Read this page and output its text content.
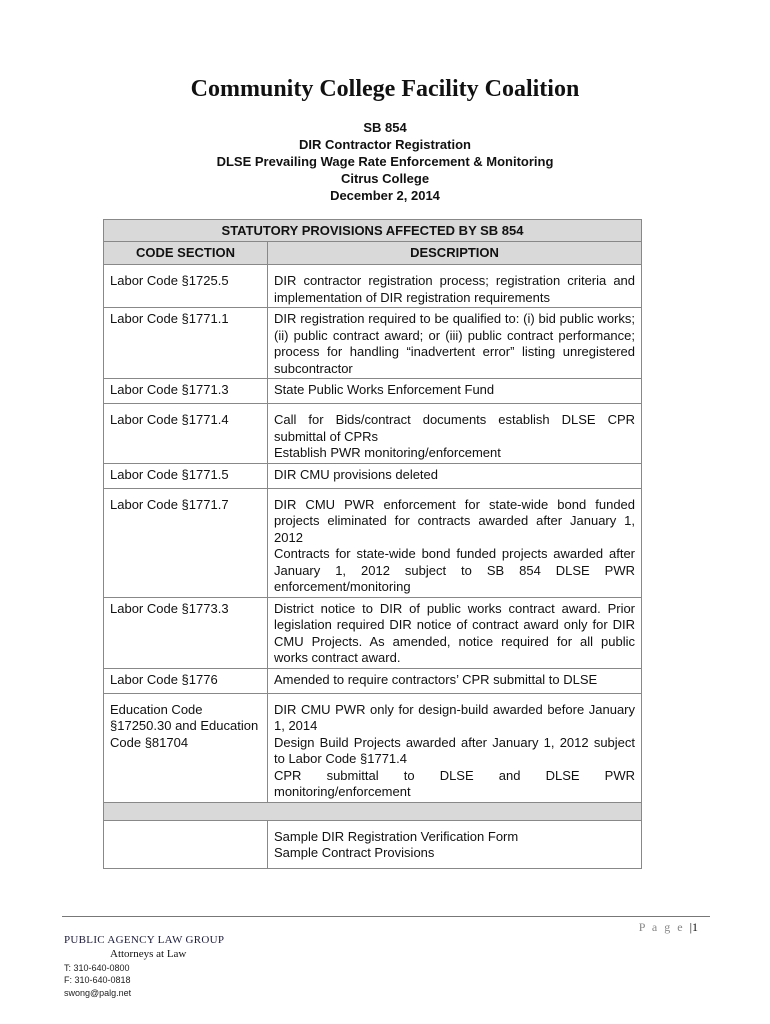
Community College Facility Coalition
SB 854
DIR Contractor Registration
DLSE Prevailing Wage Rate Enforcement & Monitoring
Citrus College
December 2, 2014
STATUTORY PROVISIONS AFFECTED BY SB 854	
CODE SECTION	DESCRIPTION
Labor Code §1725.5	DIR contractor registration process; registration criteria and implementation of DIR registration requirements
Labor Code §1771.1	DIR registration required to be qualified to: (i) bid public works; (ii) public contract award; or (iii) public contract performance; process for handling “inadvertent error” listing unregistered subcontractor
Labor Code §1771.3	State Public Works Enforcement Fund
Labor Code §1771.4	Call for Bids/contract documents establish DLSE CPR submittal of CPRs
Establish PWR monitoring/enforcement

Labor Code §1771.5	DIR CMU provisions deleted
Labor Code §1771.7	DIR CMU PWR enforcement for state-wide bond funded projects eliminated for contracts awarded after January 1, 2012
Contracts for state-wide bond funded projects awarded after January 1, 2012 subject to SB 854 DLSE PWR enforcement/monitoring

Labor Code §1773.3	District notice to DIR of public works contract award. Prior legislation required DIR notice of contract award only for DIR CMU Projects. As amended, notice required for all public works contract award.
Labor Code §1776	Amended to require contractors’ CPR submittal to DLSE
Education Code §17250.30 and Education Code §81704	DIR CMU PWR only for design-build awarded before January 1, 2014
Design Build Projects awarded after January 1, 2012 subject to Labor Code §1771.4
CPR submittal to DLSE and DLSE PWR monitoring/enforcement

	Sample DIR Registration Verification Form
Sample Contract Provisions
P a g e |1
PUBLIC AGENCY LAW GROUP
Attorneys at Law
T: 310-640-0800
F: 310-640-0818
swong@palg.net
